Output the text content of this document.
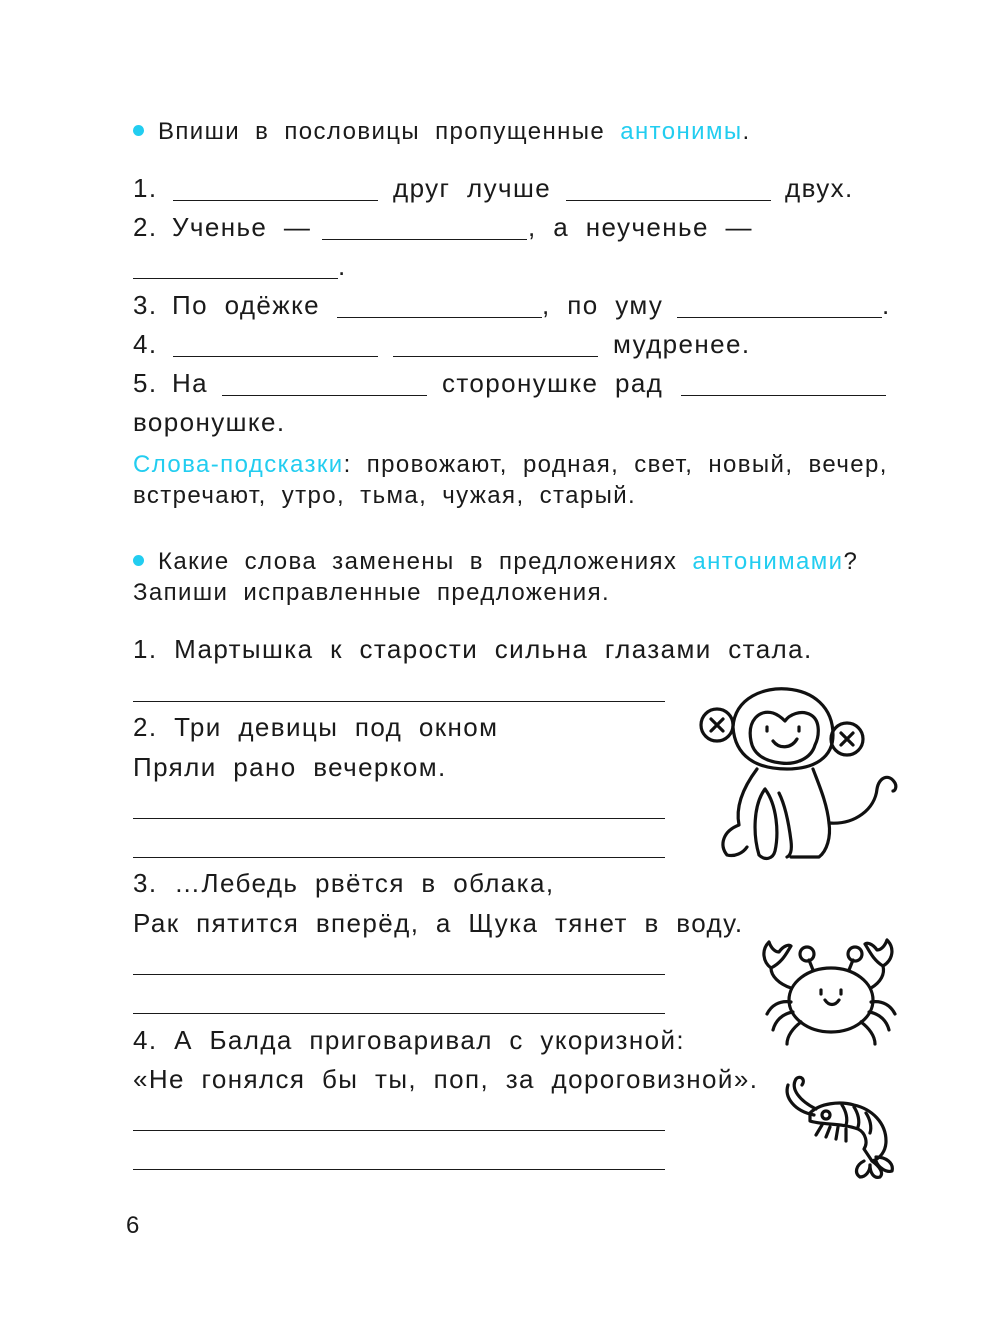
Впиши в пословицы пропущенные антонимы.
1.	друг лучше	двух.
2. Ученье —	, а неученье —
.
3. По одёжке	, по уму	.
4.	мудренее.
5. На	сторонушке рад
воронушке.
Слова-подсказки: провожают, родная, свет, новый, вечер,
встречают, утро, тьма, чужая, старый.
Какие слова заменены в предложениях антонимами?
Запиши исправленные предложения.
1. Мартышка к старости сильна глазами стала.
2. Три девицы под окном
Пряли рано вечерком.
3. …Лебедь рвётся в облака,
Рак пятится вперёд, а Щука тянет в воду.
4. А Балда приговаривал с укоризной:
«Не гонялся бы ты, поп, за дороговизной».
6
